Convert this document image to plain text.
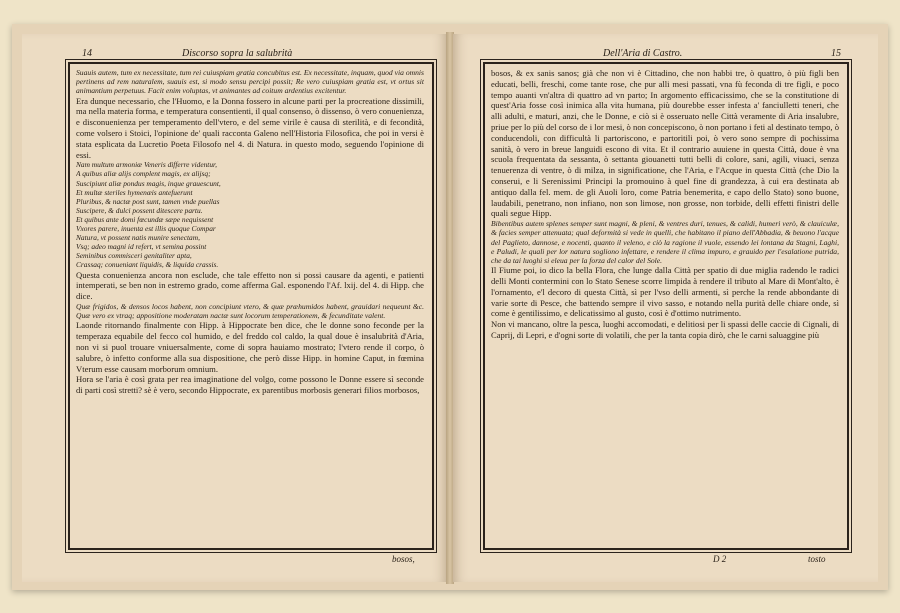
14	Discorso sopra la salubrità

Suauis autem, tum ex necessitate, tum rei cuiuspiam gratia concubitus est. Ex necessitate, inquam, quod via omnis pertinens ad rem naturalem, suauis est, si modo sensu percipi possit; Re vero cuiuspiam gratia est, vt ortus sit animantium perpetuus. Facit enim voluptas, vt animantes ad coitum ardentius excitentur.

Era dunque necessario, che l'Huomo, e la Donna fossero in alcune parti per la procreatione dissimili, ma nella materia forma, e temperatura consentienti, il qual consenso, ò dissenso, ò vero conuenienza, e disconuenienza per temperamento dell'vtero, e del seme virile è causa di sterilità, e di fecondità, come volsero i Stoici, l'opinione de' quali racconta Galeno nell'Historia Filosofica, che poi in versi è stata esplicata da Lucretio Poeta Filosofo nel 4. di Natura. in questo modo, seguendo l'opinione di essi.

Nam multum armoniæ Veneris differre videntur,

A quibus aliæ alijs complent magis, ex alijsq;

Suscipiunt aliæ pondus magis, inque grauescunt,

Et multæ steriles hymenæis antefuerunt

Pluribus, & nactæ post sunt, tamen vnde puellas

Suscipere, & dulci possent ditescere partu.

Et quibus ante domi fœcundæ sæpe nequissent

Vxores parere, inuenta est illis quoque Compar

Natura, vt possent natis munire senectam,

Vsq; adeo magni id refert, vt semina possint

Seminibus commisceri genitaliter apta,

Crassaq; conueniant liquidis, & liquida crassis.

Questa conuenienza ancora non esclude, che tale effetto non si possi causare da agenti, e patienti intemperati, se ben non in estremo grado, come afferma Gal. esponendo l'Af. lxij. del 4. di Hipp. che dice.

Quæ frigidos, & densos locos habent, non concipiunt vtero, & quæ præhumidos habent, grauidari nequeunt &c. Quæ vero ex vtraq; appositione moderatam nactæ sunt locorum temperationem, & fecunditate valent.

Laonde ritornando finalmente con Hipp. à Hippocrate ben dice, che le donne sono feconde per la temperaza equabile del fecco col humido, e del freddo col caldo, la qual doue è insalubrità d'Aria, non vi si puol trouare vniuersalmente, come di sopra hauiamo mostrato; l'vtero rende il corpo, ò salubre, ò infetto conforme alla sua dispositione, che però disse Hipp. in homine Caput, in fœmina Vterum esse causam morborum omnium.

Hora se l'aria è così grata per rea imaginatione del volgo, come possono le Donne essere sì seconde di parti così stretti? sè è vero, secondo Hippocrate, ex parentibus morbosis generari filios morbosos,

bosos,
Dell'Aria di Castro.	15

bosos, & ex sanis sanos; già che non vi è Cittadino, che non habbi tre, ò quattro, ò più figli ben educati, belli, freschi, come tante rose, che pur alli mesi passati, vna fù feconda di tre figli, e poco tempo auanti vn'altra di quattro ad vn parto; In argomento efficacissimo, che se la constitutione di quest'Aria fosse così inimica alla vita humana, più dourebbe esser infesta a' fanciulletti teneri, che alli adulti, e maturi, anzi, che le Donne, e ciò si è osseruato nelle Città veramente di Aria insalubre, priue per lo più del corso de i lor mesi, ò non concepiscono, ò non portano i feti al destinato tempo, ò conducendoli, con difficultà li partoriscono, e partoritili poi, ò vero sono sempre di pochissima sanità, ò vero in breue languidi escono di vita. Et il contrario auuiene in questa Città, doue è vna scuola frequentata da sessanta, ò settanta giouanetti tutti belli di colore, sani, agili, viuaci, senza tenuerenza di ventre, ò di milza, in significatione, che l'Aria, e l'Acque in questa Città (che Dio la conserui, e li Serenissimi Principi la promouino à quel fine di grandezza, à cui era destinata ab antiquo dalla fel. mem. de gli Auoli loro, come Patria benemerita, e capo dello Stato) sono buone, laudabili, penetrano, non infiano, non son limose, non grosse, non torbide, delli effetti finistri delle quali segue Hipp.

Bibentibus autem splenes semper sunt magni, & pleni, & ventres duri, tenues, & calidi, humeri verò, & clauiculæ, & facies semper attenuata; qual deformità si vede in quelli, che habitano il piano dell'Abbadia, & beuono l'acque del Paglieto, dannose, e nocenti, quanto il veleno, e ciò la ragione il vuole, essendo lei lontana da Stagni, Laghi, e Paludi, le quali per lor natura sogliono infettare, e rendere il clima impuro, e grauido per l'esalatione putrida, che da tai luoghi si eleua per la forza del calor del Sole.

Il Fiume poi, io dico la bella Flora, che lunge dalla Città per spatio di due miglia radendo le radici delli Monti contermini con lo Stato Senese scorre limpida à rendere il tributo al Mare di Mont'alto, è l'ornamento, e'l decoro di questa Città, sì per l'vso delli armenti, sì perche la rende abbondante di varie sorte di Pesce, che battendo sempre il vivo sasso, e notando nella purità delle chiare onde, sì come è gentilissimo, e delicatissimo al gusto, così è d'ottimo nutrimento.

Non vi mancano, oltre la pesca, luoghi accomodati, e delitiosi per li spassi delle caccie di Cignali, di Caprij, di Lepri, e d'ogni sorte di volatili, che per la tanta copia dirò, che le carni saluaggine più

D 2	tosto
